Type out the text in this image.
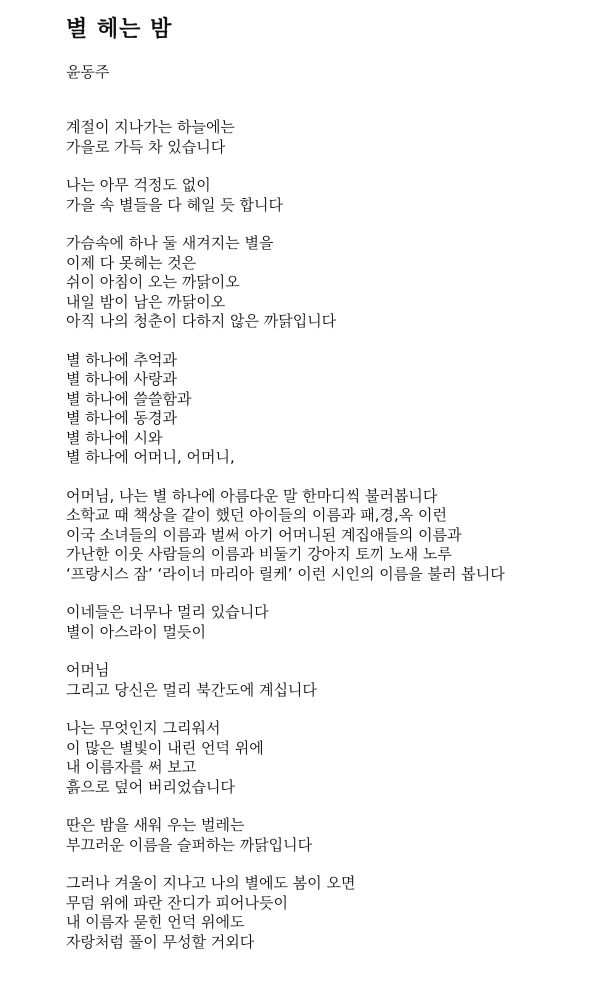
별 헤는 밤
윤동주
계절이 지나가는 하늘에는
가을로 가득 차 있습니다
나는 아무 걱정도 없이
가을 속 별들을 다 헤일 듯 합니다
가슴속에 하나 둘 새겨지는 별을
이제 다 못헤는 것은
쉬이 아침이 오는 까닭이오
내일 밤이 남은 까닭이오
아직 나의 청춘이 다하지 않은 까닭입니다
별 하나에 추억과
별 하나에 사랑과
별 하나에 쓸쓸함과
별 하나에 동경과
별 하나에 시와
별 하나에 어머니, 어머니,
어머님, 나는 별 하나에 아름다운 말 한마디씩 불러봅니다
소학교 때 책상을 같이 했던 아이들의 이름과 패,경,옥 이런
이국 소녀들의 이름과 벌써 아기 어머니된 계집애들의 이름과
가난한 이웃 사람들의 이름과 비둘기 강아지 토끼 노새 노루
‘프랑시스 잠’ ‘라이너 마리아 릴케’ 이런 시인의 이름을 불러 봅니다
이네들은 너무나 멀리 있습니다
별이 아스라이 멀듯이
어머님
그리고 당신은 멀리 북간도에 계십니다
나는 무엇인지 그리워서
이 많은 별빛이 내린 언덕 위에
내 이름자를 써 보고
흙으로 덮어 버리었습니다
딴은 밤을 새워 우는 벌레는
부끄러운 이름을 슬퍼하는 까닭입니다
그러나 겨울이 지나고 나의 별에도 봄이 오면
무덤 위에 파란 잔디가 피어나듯이
내 이름자 묻힌 언덕 위에도
자랑처럼 풀이 무성할 거외다
